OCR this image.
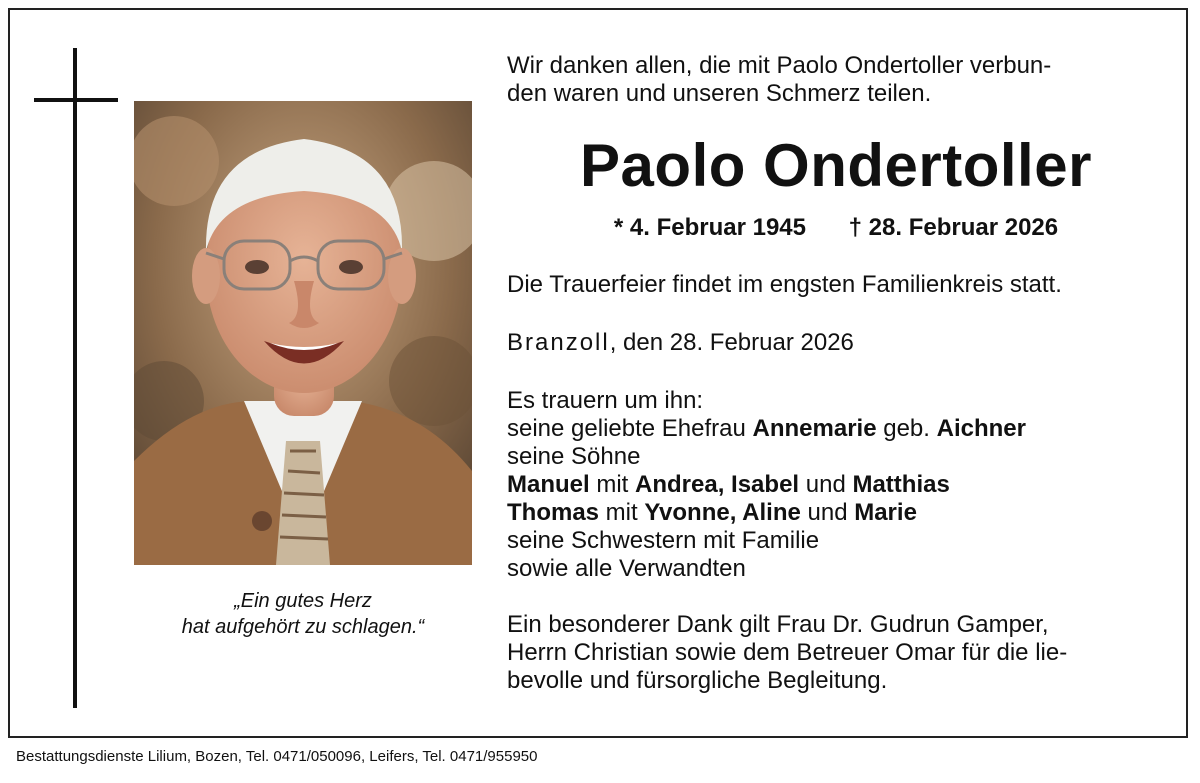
„Ein gutes Herz
hat aufgehört zu schlagen.“

Wir danken allen, die mit Paolo Ondertoller verbun-
den waren und unseren Schmerz teilen.

Paolo Ondertoller

* 4. Februar 1945 † 28. Februar 2026

Die Trauerfeier findet im engsten Familienkreis statt.

Branzoll, den 28. Februar 2026

Es trauern um ihn:
seine geliebte Ehefrau Annemarie geb. Aichner
seine Söhne
Manuel mit Andrea, Isabel und Matthias
Thomas mit Yvonne, Aline und Marie
seine Schwestern mit Familie
sowie alle Verwandten

Ein besonderer Dank gilt Frau Dr. Gudrun Gamper,
Herrn Christian sowie dem Betreuer Omar für die lie-
bevolle und fürsorgliche Begleitung.

Bestattungsdienste Lilium, Bozen, Tel. 0471/050096, Leifers, Tel. 0471/955950
